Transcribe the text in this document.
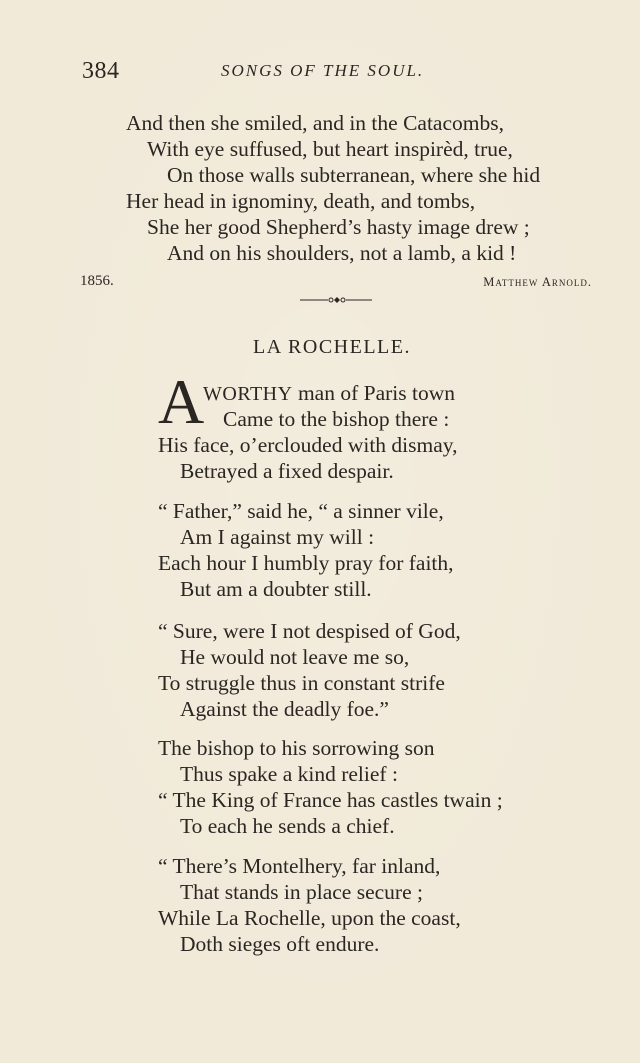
384	SONGS OF THE SOUL.
And then she smiled, and in the Catacombs,
With eye suffused, but heart inspirèd, true,
On those walls subterranean, where she hid
Her head in ignominy, death, and tombs,
She her good Shepherd’s hasty image drew ;
And on his shoulders, not a lamb, a kid !
1856.	Matthew Arnold.
LA ROCHELLE.
A
WORTHY man of Paris town
Came to the bishop there :
His face, o’erclouded with dismay,
Betrayed a fixed despair.
“ Father,” said he, “ a sinner vile,
Am I against my will :
Each hour I humbly pray for faith,
But am a doubter still.
“ Sure, were I not despised of God,
He would not leave me so,
To struggle thus in constant strife
Against the deadly foe.”
The bishop to his sorrowing son
Thus spake a kind relief :
“ The King of France has castles twain ;
To each he sends a chief.
“ There’s Montelhery, far inland,
That stands in place secure ;
While La Rochelle, upon the coast,
Doth sieges oft endure.
